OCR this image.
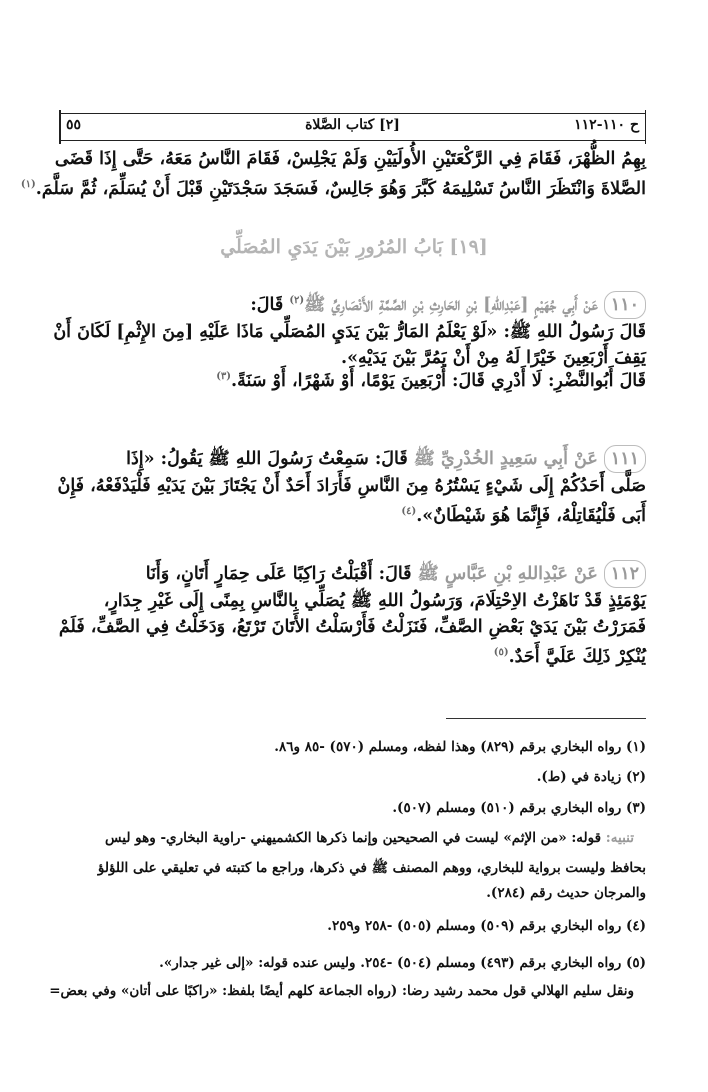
ح ١١٠-١١٢
[٢] كتاب الصَّلاة
٥٥
بِهِمُ الظُّهْرَ، فَقَامَ فِي الرَّكْعَتَيْنِ الأُولَيَيْنِ وَلَمْ يَجْلِسْ، فَقَامَ النَّاسُ مَعَهُ، حَتَّى إِذَا قَضَى
الصَّلاةَ وَانْتَظَرَ النَّاسُ تَسْلِيمَهُ كَبَّرَ وَهُوَ جَالِسٌ، فَسَجَدَ سَجْدَتَيْنِ قَبْلَ أَنْ يُسَلِّمَ، ثُمَّ سَلَّمَ.$^{(١)}$
[١٩] بَابُ المُرُورِ بَيْنَ يَدَيِ المُصَلِّي
١١٠عَنْ أَبِي جُهَيْمٍ [عَبْدِاللهِ] بْنِ الحَارِثِ بْنِ الصِّمَّةِ الأَنْصَارِيِّ ﷺ$^{(٢)}$ قَالَ:
قَالَ رَسُولُ اللهِ ﷺ: «لَوْ يَعْلَمُ المَارُّ بَيْنَ يَدَيِ المُصَلِّي مَاذَا عَلَيْهِ [مِنَ الإِثْمِ] لَكَانَ أَنْ
يَقِفَ أَرْبَعِينَ خَيْرًا لَهُ مِنْ أَنْ يَمُرَّ بَيْنَ يَدَيْهِ».
قَالَ أَبُوالنَّضْرِ: لَا أَدْرِي قَالَ: أَرْبَعِينَ يَوْمًا، أَوْ شَهْرًا، أَوْ سَنَةً.$^{(٣)}$
١١١عَنْ أَبِي سَعِيدٍ الخُدْرِيِّ ﷺ قَالَ: سَمِعْتُ رَسُولَ اللهِ ﷺ يَقُولُ: «إِذَا
صَلَّى أَحَدُكُمْ إِلَى شَيْءٍ يَسْتُرُهُ مِنَ النَّاسِ فَأَرَادَ أَحَدٌ أَنْ يَجْتَازَ بَيْنَ يَدَيْهِ فَلْيَدْفَعْهُ، فَإِنْ
أَبَى فَلْيُقَاتِلْهُ، فَإِنَّمَا هُوَ شَيْطَانٌ».$^{(٤)}$
١١٢عَنْ عَبْدِاللهِ بْنِ عَبَّاسٍ ﷺ قَالَ: أَقْبَلْتُ رَاكِبًا عَلَى حِمَارٍ أَتَانٍ، وَأَنَا
يَوْمَئِذٍ قَدْ نَاهَزْتُ الاِحْتِلَامَ، وَرَسُولُ اللهِ ﷺ يُصَلِّي بِالنَّاسِ بِمِنًى إِلَى غَيْرِ جِدَارٍ،
فَمَرَرْتُ بَيْنَ يَدَيْ بَعْضِ الصَّفِّ، فَنَزَلْتُ فَأَرْسَلْتُ الأَتَانَ تَرْتَعُ، وَدَخَلْتُ فِي الصَّفِّ، فَلَمْ
يُنْكِرْ ذَلِكَ عَلَيَّ أَحَدٌ.$^{(٥)}$
(١) رواه البخاري برقم (٨٢٩) وهذا لفظه، ومسلم (٥٧٠) -٨٥ و٨٦.
(٢) زيادة في (ط).
(٣) رواه البخاري برقم (٥١٠) ومسلم (٥٠٧).
تنبيه: قوله: «من الإثم» ليست في الصحيحين وإنما ذكرها الكشميهني -راوية البخاري- وهو ليس
بحافظ وليست برواية للبخاري، ووهم المصنف ﷺ في ذكرها، وراجع ما كتبته في تعليقي على اللؤلؤ
والمرجان حديث رقم (٢٨٤).
(٤) رواه البخاري برقم (٥٠٩) ومسلم (٥٠٥) -٢٥٨ و٢٥٩.
(٥) رواه البخاري برقم (٤٩٣) ومسلم (٥٠٤) -٢٥٤. وليس عنده قوله: «إلى غير جدار».
ونقل سليم الهلالي قول محمد رشيد رضا: (رواه الجماعة كلهم أيضًا بلفظ: «راكبًا على أتان» وفي بعض=
